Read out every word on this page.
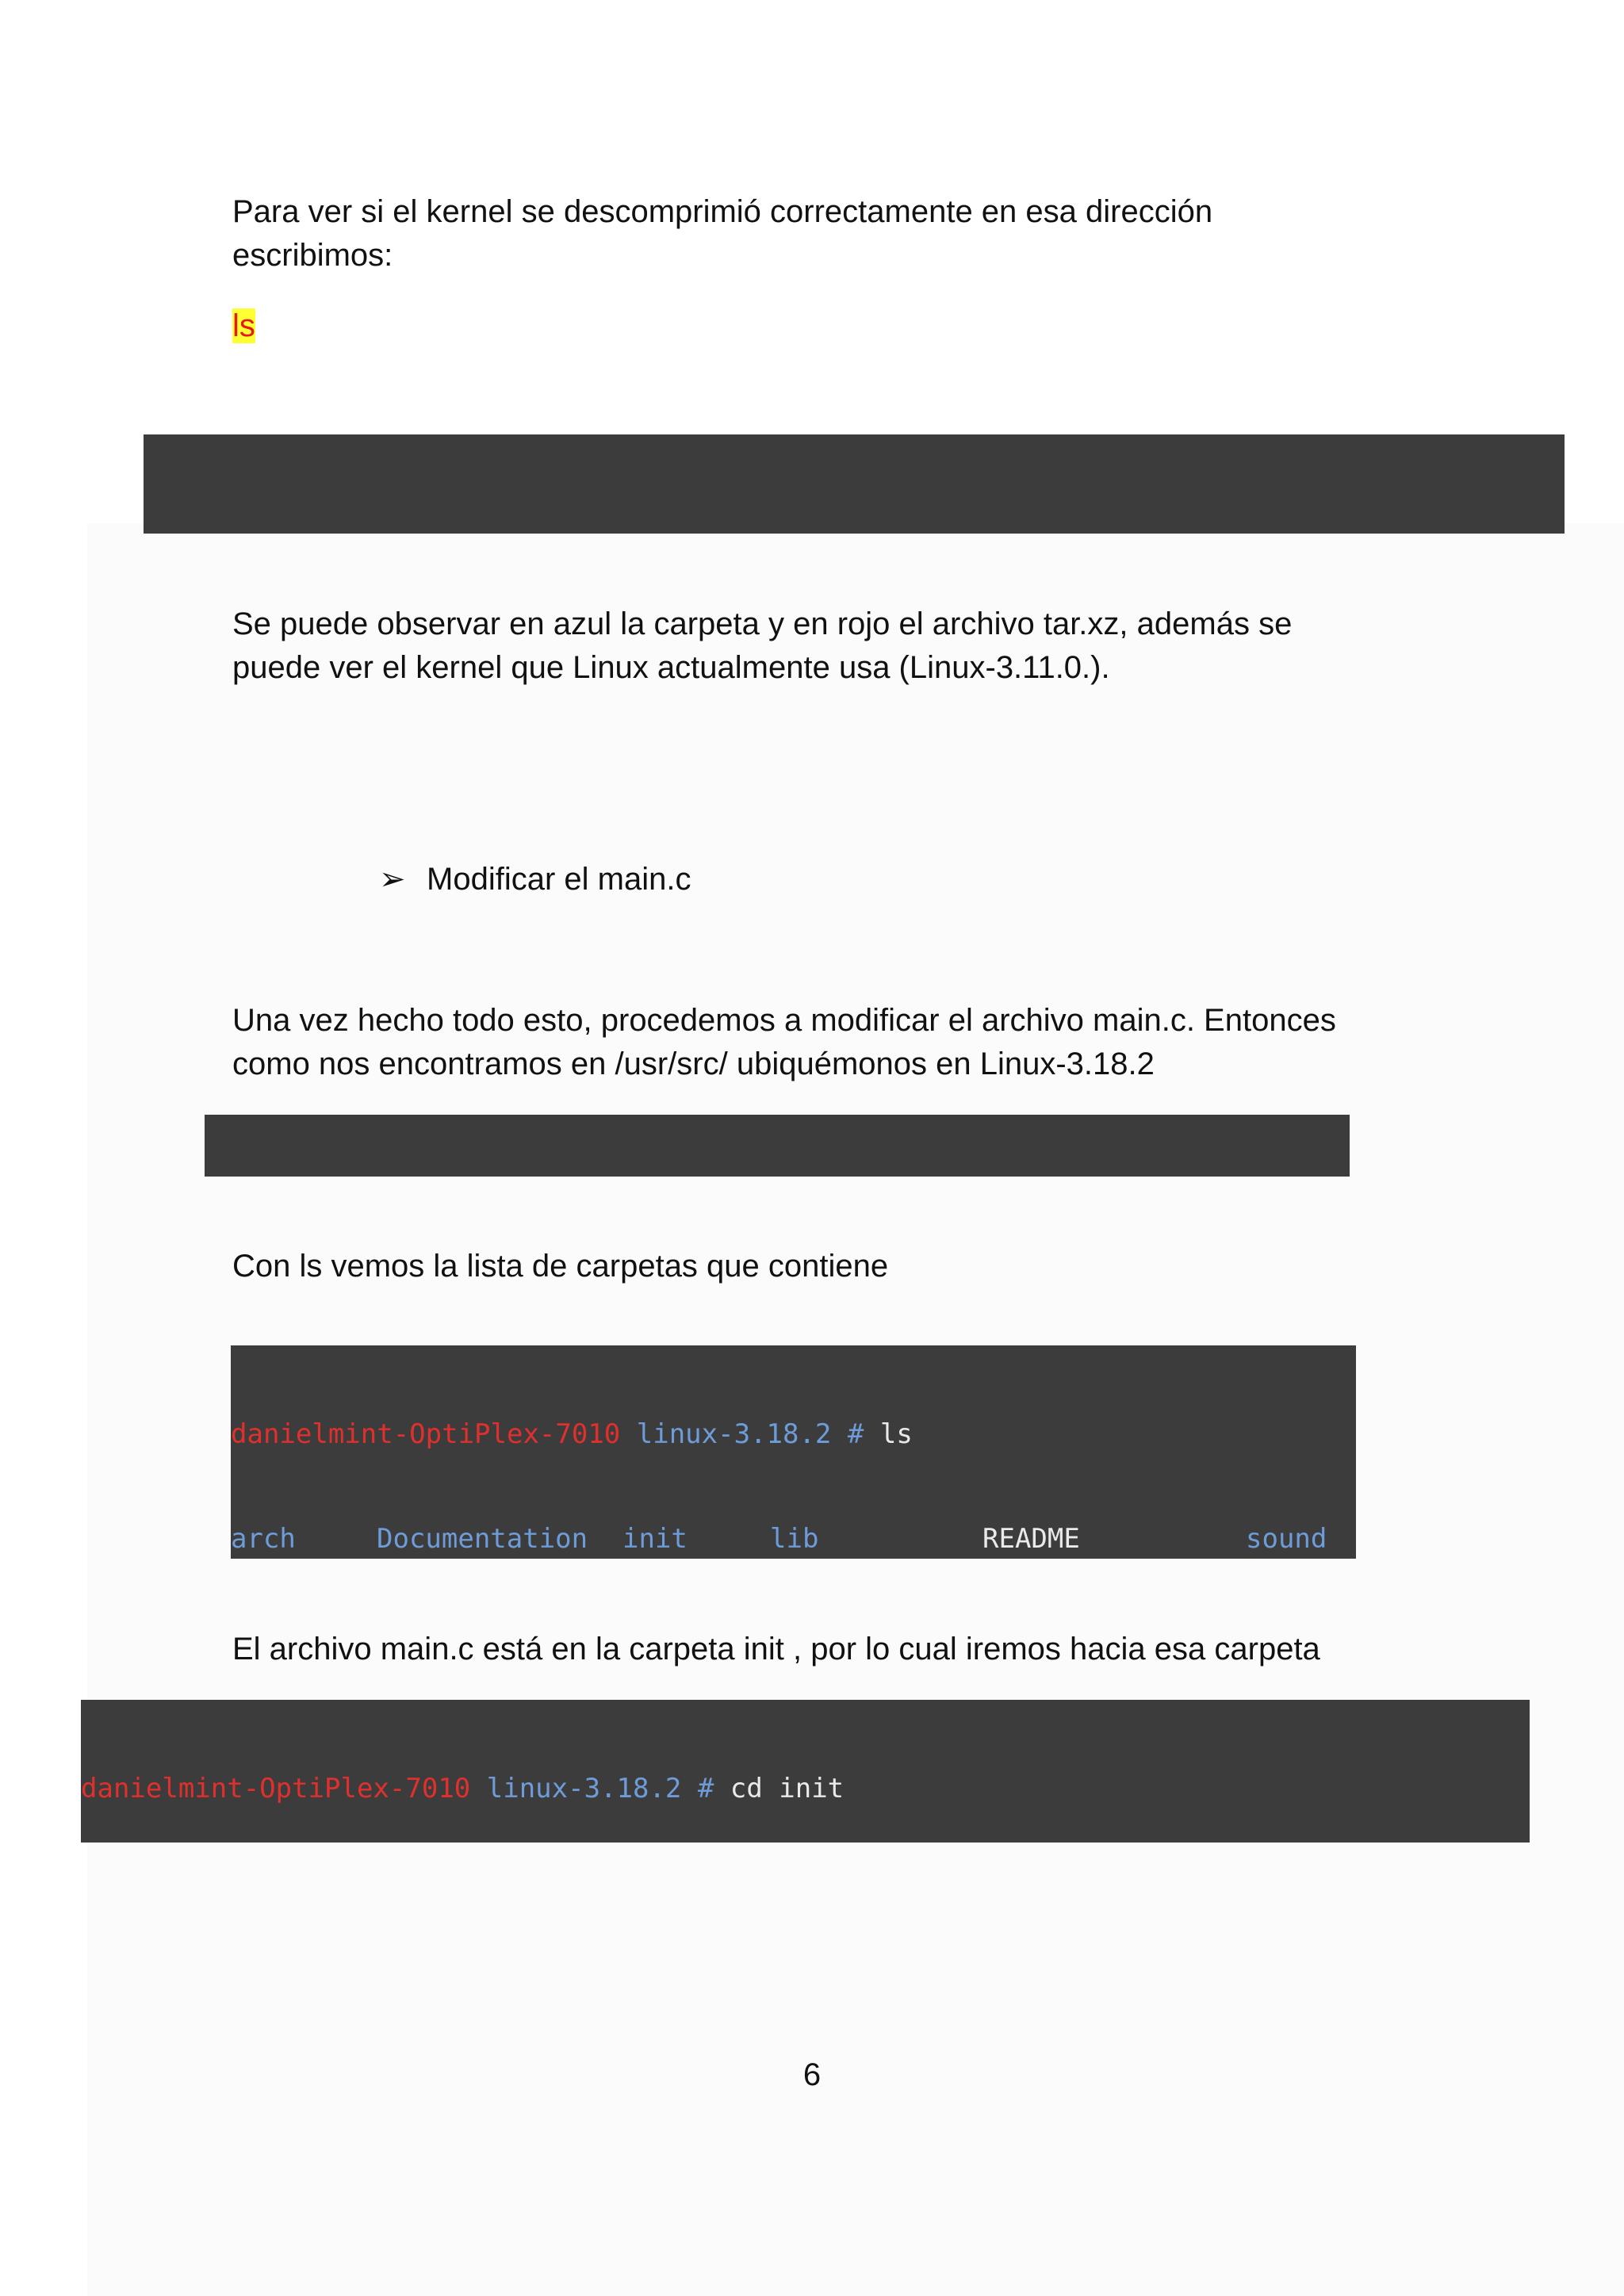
Para ver si el kernel se descomprimió correctamente en esa dirección

escribimos:

ls

Se puede observar en azul la carpeta y en rojo el archivo tar.xz, además se

puede ver el kernel que Linux actualmente usa (Linux-3.11.0.).

➢ Modificar el main.c

Una vez hecho todo esto, procedemos a modificar el archivo main.c. Entonces

como nos encontramos en /usr/src/ ubiquémonos en Linux-3.18.2

Con ls vemos la lista de carpetas que contiene

danielmint-OptiPlex-7010 linux-3.18.2 # ls

arch	Documentation init	lib	README	sound

El archivo main.c está en la carpeta init , por lo cual iremos hacia esa carpeta

danielmint-OptiPlex-7010 linux-3.18.2 # cd init

6
